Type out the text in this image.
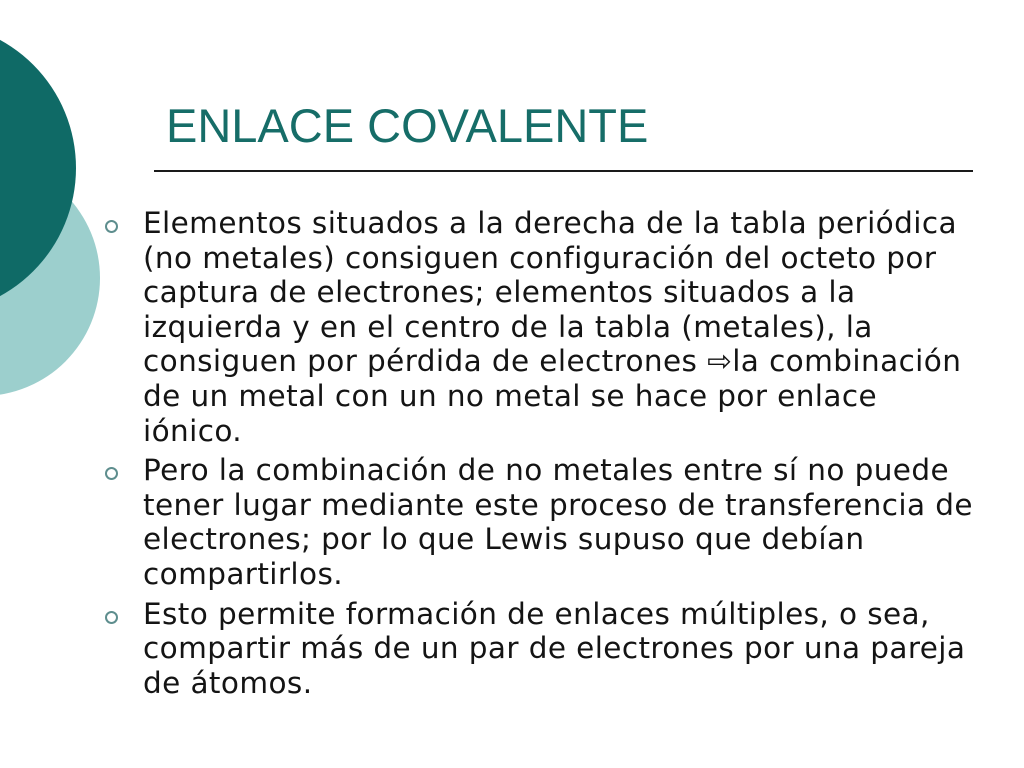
ENLACE COVALENTE
Elementos situados a la derecha de la tabla periódica (no metales) consiguen configuración del octeto por captura de electrones; elementos situados a la izquierda y en el centro de la tabla (metales), la consiguen por pérdida de electrones ⇨la combinación de un metal con un no metal se hace por enlace iónico.
Pero la combinación de no metales entre sí no puede tener lugar mediante este proceso de transferencia de electrones; por lo que Lewis supuso que debían compartirlos.
Esto permite formación de enlaces múltiples, o sea, compartir más de un par de electrones por una pareja de átomos.
